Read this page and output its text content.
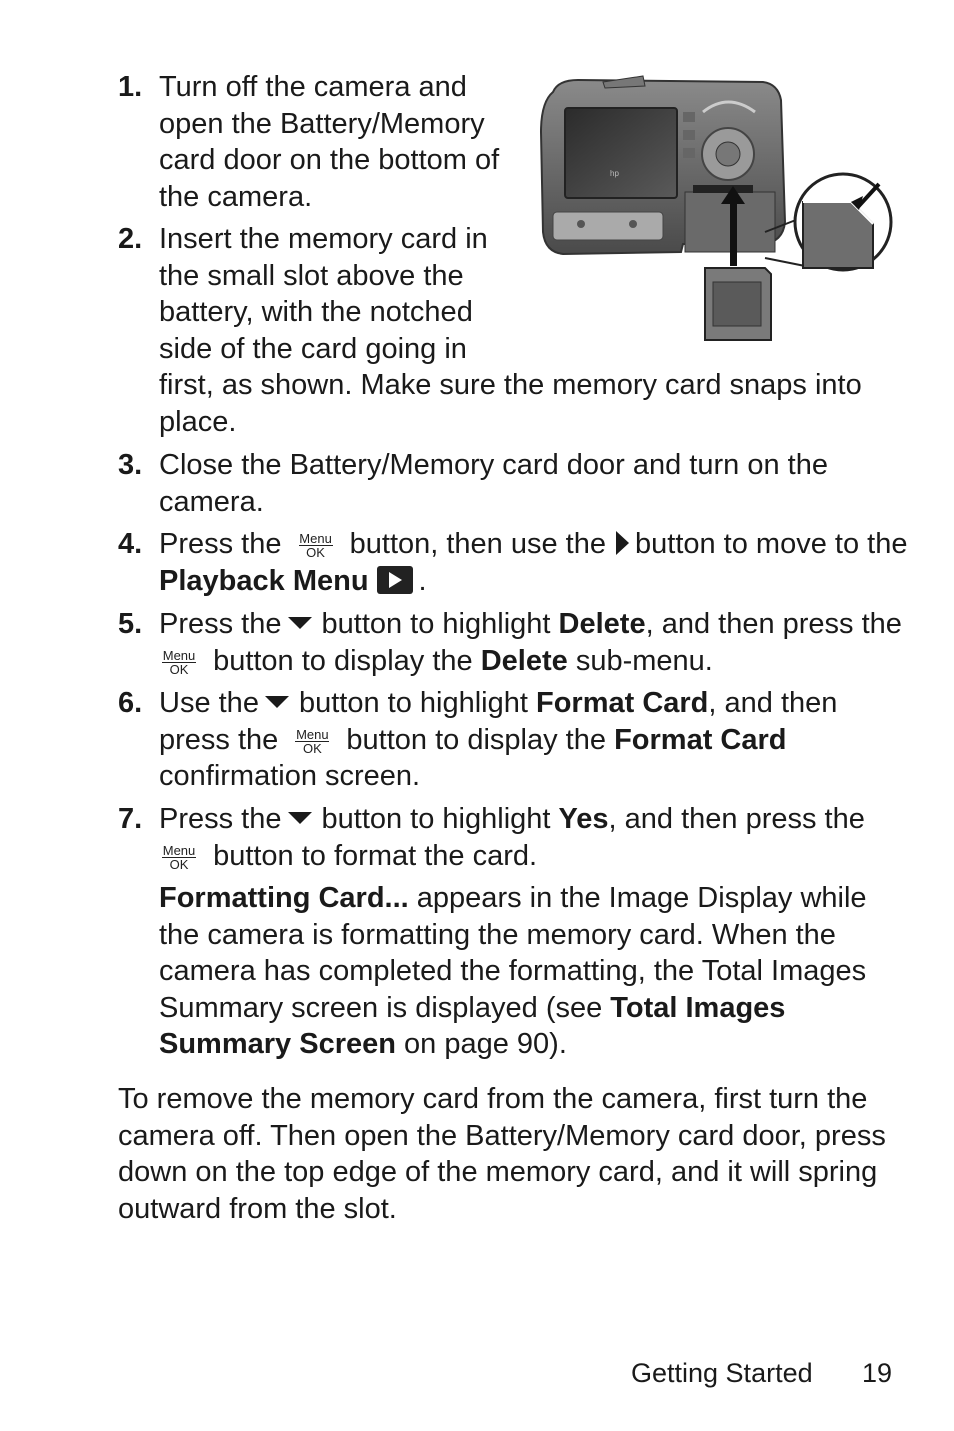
hp
1. Turn off the camera and
open the Battery/Memory
card door on the bottom of
the camera.
2. Insert the memory card in
the small slot above the
battery, with the notched
side of the card going in
first, as shown. Make sure the memory card snaps into place.
3. Close the Battery/Memory card door and turn on the camera.
4. Press the Menu
OK button, then use the button to move to the
Playback Menu .
5. Press the button to highlight Delete, and then press the
Menu
OK button to display the Delete sub-menu.
6. Use the button to highlight Format Card, and then
press the Menu
OK button to display the Format Card
confirmation screen.
7. Press the button to highlight Yes, and then press the
Menu
OK button to format the card.
Formatting Card... appears in the Image Display while the camera is formatting the memory card. When the camera has completed the formatting, the Total Images Summary screen is displayed (see Total Images Summary Screen on page 90).
To remove the memory card from the camera, first turn the camera off. Then open the Battery/Memory card door, press down on the top edge of the memory card, and it will spring outward from the slot.
Getting Started 19
